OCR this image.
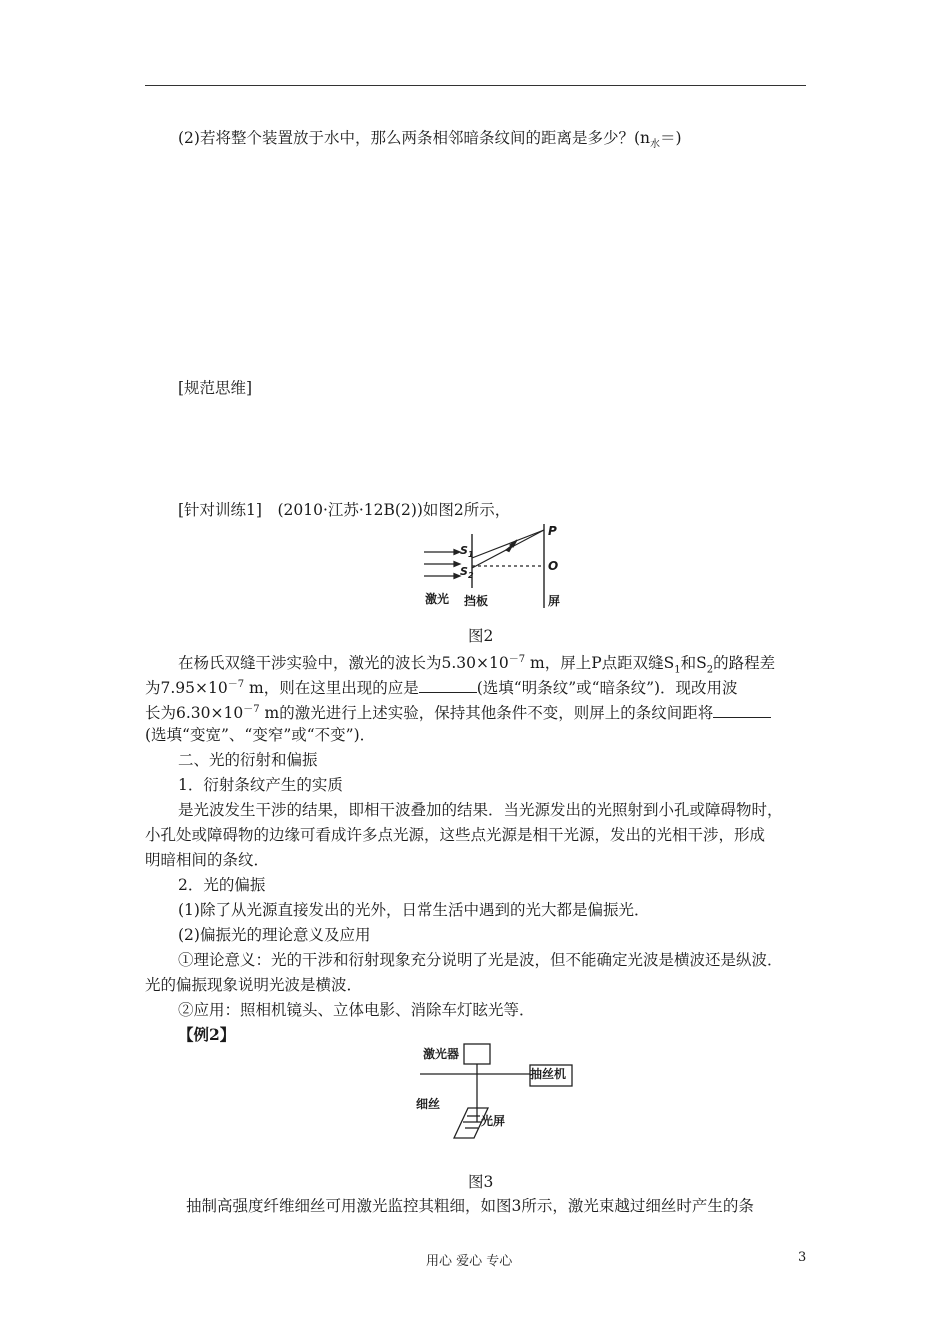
(2)若将整个装置放于水中，那么两条相邻暗条纹间的距离是多少？$(n_水=)$
[规范思维]
[针对训练1]　(2010·江苏·12B(2))如图2所示，
$S_1$
$S_2$
P
O
激光 挡板	屏
图2
在杨氏双缝干涉实验中，激光的波长为$5.30\times 10^{-7}$ m，屏上P点距双缝$S_1$和$S_2$的路程差
为$7.95\times 10^{-7}$ m，则在这里出现的应是	(选填“明条纹”或“暗条纹”)．现改用波
长为$6.30\times 10^{-7}$ m的激光进行上述实验，保持其他条件不变，则屏上的条纹间距将
(选填“变宽”、“变窄”或“不变”)．
二、光的衍射和偏振
1．衍射条纹产生的实质
是光波发生干涉的结果，即相干波叠加的结果．当光源发出的光照射到小孔或障碍物时，
小孔处或障碍物的边缘可看成许多点光源，这些点光源是相干光源，发出的光相干涉，形成
明暗相间的条纹．
2．光的偏振
(1)除了从光源直接发出的光外，日常生活中遇到的光大都是偏振光．
(2)偏振光的理论意义及应用
①理论意义：光的干涉和衍射现象充分说明了光是波，但不能确定光波是横波还是纵波．
光的偏振现象说明光波是横波．
②应用：照相机镜头、立体电影、消除车灯眩光等．
【例2】
激光器
抽丝机
细丝
光屏
图3
抽制高强度纤维细丝可用激光监控其粗细，如图3所示，激光束越过细丝时产生的条
用心 爱心 专心	3
